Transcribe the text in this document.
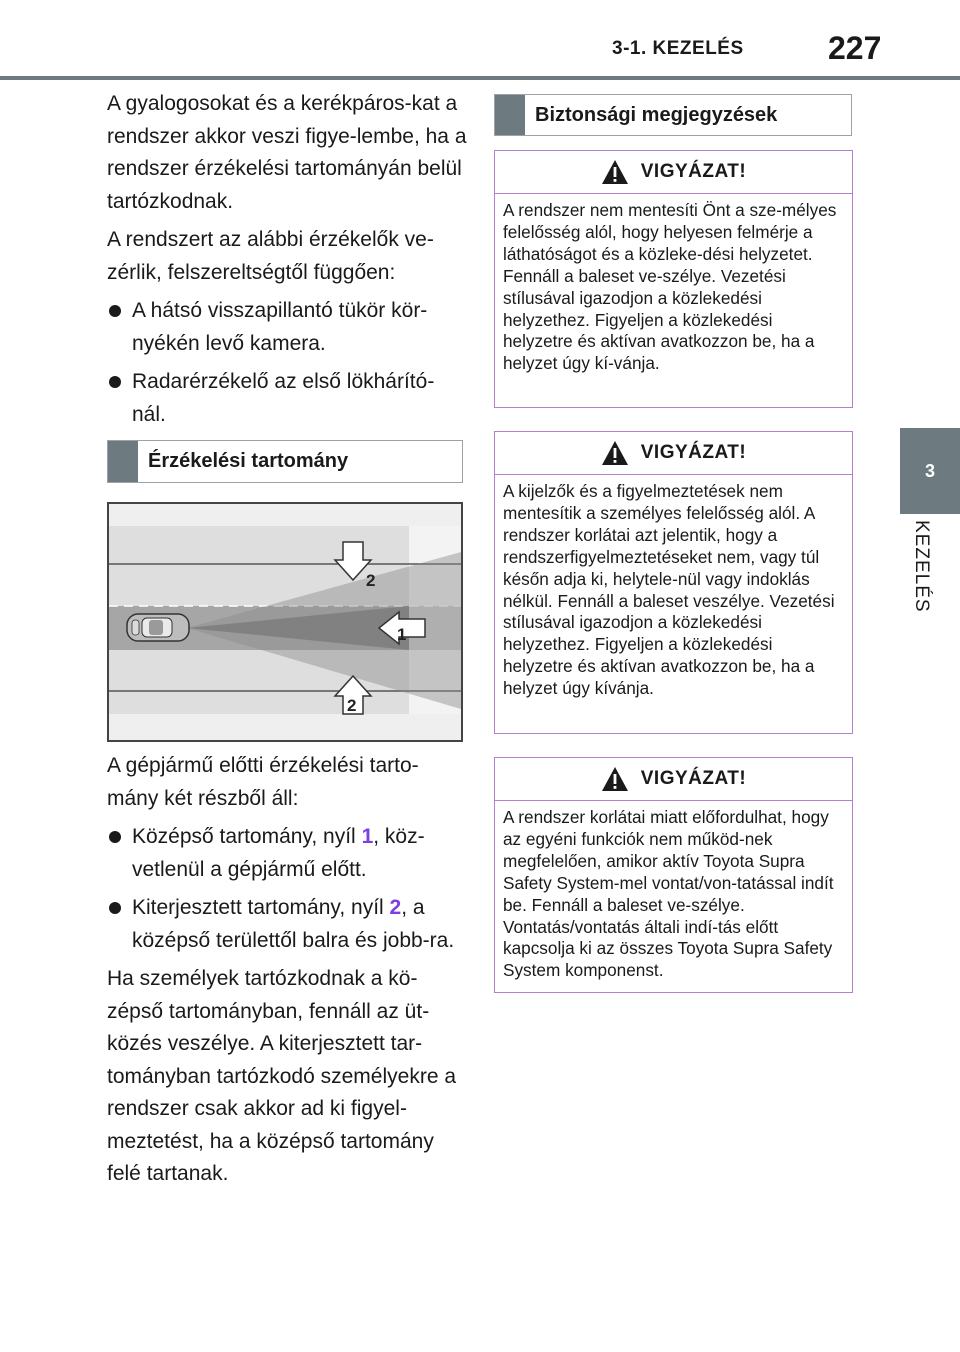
3-1. KEZELÉS	227
3
KEZELÉS

A gyalogosokat és a kerékpáros-kat a rendszer akkor veszi figye-lembe, ha a rendszer érzékelési tartományán belül tartózkodnak.

A rendszert az alábbi érzékelők ve-zérlik, felszereltségtől függően:

A hátsó visszapillantó tükör kör-nyékén levő kamera.

Radarérzékelő az első lökhárító-nál.

Érzékelési tartomány
2
1
2

A gépjármű előtti érzékelési tarto-mány két részből áll:

Középső tartomány, nyíl 1, köz-vetlenül a gépjármű előtt.

Kiterjesztett tartomány, nyíl 2, a középső területtől balra és jobb-ra.

Ha személyek tartózkodnak a kö-zépső tartományban, fennáll az üt-közés veszélye. A kiterjesztett tar-tományban tartózkodó személyekre a rendszer csak akkor ad ki figyel-meztetést, ha a középső tartomány felé tartanak.

Biztonsági megjegyzések
VIGYÁZAT!
A rendszer nem mentesíti Önt a sze-mélyes felelősség alól, hogy helyesen felmérje a láthatóságot és a közleke-dési helyzetet. Fennáll a baleset ve-szélye. Vezetési stílusával igazodjon a közlekedési helyzethez. Figyeljen a közlekedési helyzetre és aktívan avatkozzon be, ha a helyzet úgy kí-vánja.
VIGYÁZAT!
A kijelzők és a figyelmeztetések nem mentesítik a személyes felelősség alól. A rendszer korlátai azt jelentik, hogy a rendszerfigyelmeztetéseket nem, vagy túl későn adja ki, helytele-nül vagy indoklás nélkül. Fennáll a baleset veszélye. Vezetési stílusával igazodjon a közlekedési helyzethez. Figyeljen a közlekedési helyzetre és aktívan avatkozzon be, ha a helyzet úgy kívánja.
VIGYÁZAT!
A rendszer korlátai miatt előfordulhat, hogy az egyéni funkciók nem működ-nek megfelelően, amikor aktív Toyota Supra Safety System-mel vontat/von-tatással indít be. Fennáll a baleset ve-szélye. Vontatás/vontatás általi indí-tás előtt kapcsolja ki az összes Toyota Supra Safety System komponenst.
